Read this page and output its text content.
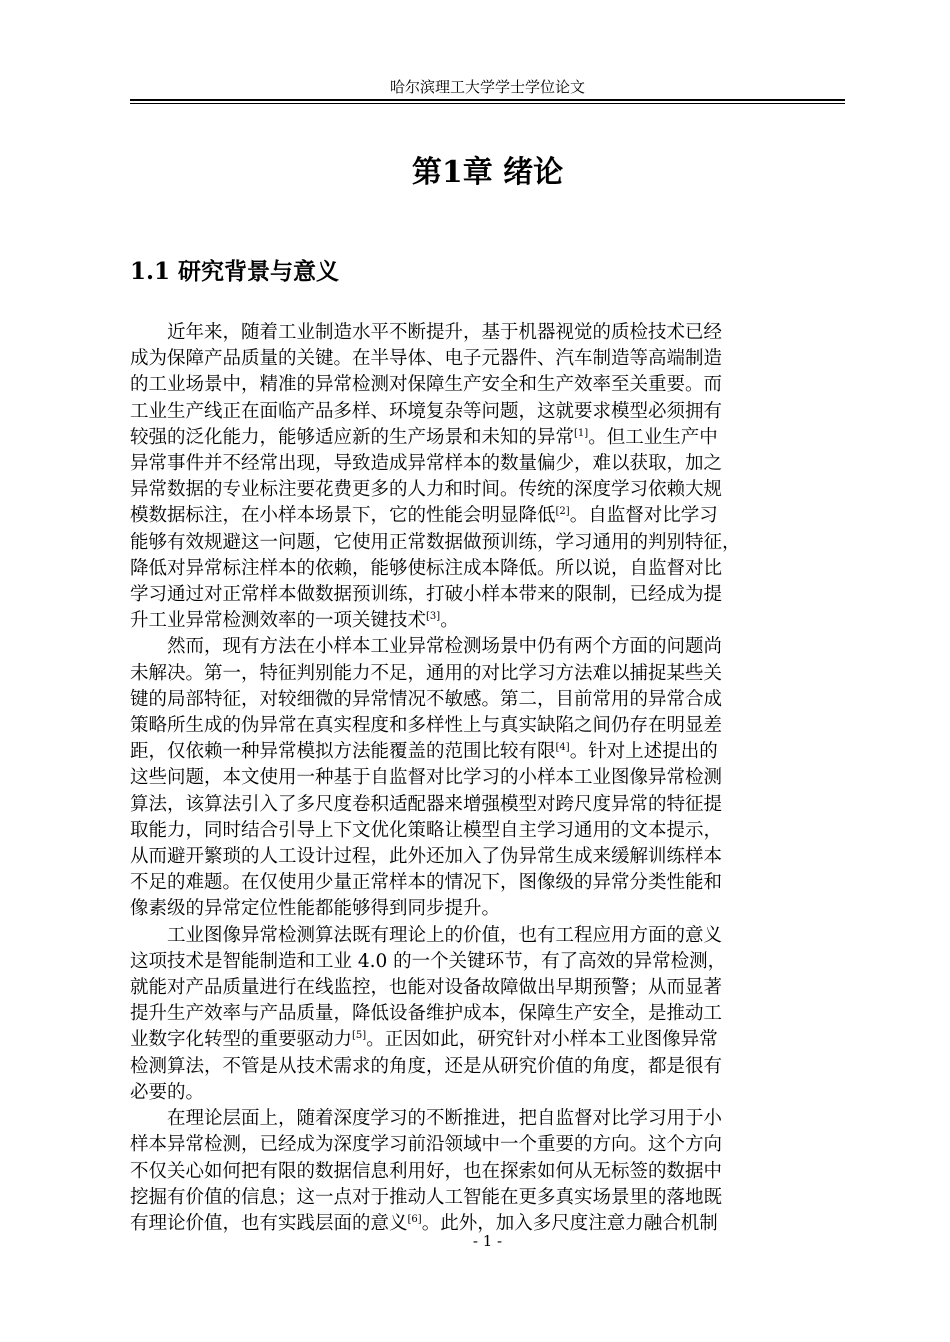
哈尔滨理工大学学士学位论文
第1章 绪论
1.1 研究背景与意义

　　近年来，随着工业制造水平不断提升，基于机器视觉的质检技术已经
成为保障产品质量的关键。在半导体、电子元器件、汽车制造等高端制造
的工业场景中，精准的异常检测对保障生产安全和生产效率至关重要。而
工业生产线正在面临产品多样、环境复杂等问题，这就要求模型必须拥有
较强的泛化能力，能够适应新的生产场景和未知的异常[1]。但工业生产中
异常事件并不经常出现，导致造成异常样本的数量偏少，难以获取，加之
异常数据的专业标注要花费更多的人力和时间。传统的深度学习依赖大规
模数据标注，在小样本场景下，它的性能会明显降低[2]。自监督对比学习
能够有效规避这一问题，它使用正常数据做预训练，学习通用的判别特征，
降低对异常标注样本的依赖，能够使标注成本降低。所以说，自监督对比
学习通过对正常样本做数据预训练，打破小样本带来的限制，已经成为提
升工业异常检测效率的一项关键技术[3]。

　　然而，现有方法在小样本工业异常检测场景中仍有两个方面的问题尚
未解决。第一，特征判别能力不足，通用的对比学习方法难以捕捉某些关
键的局部特征，对较细微的异常情况不敏感。第二，目前常用的异常合成
策略所生成的伪异常在真实程度和多样性上与真实缺陷之间仍存在明显差
距，仅依赖一种异常模拟方法能覆盖的范围比较有限[4]。针对上述提出的
这些问题，本文使用一种基于自监督对比学习的小样本工业图像异常检测
算法，该算法引入了多尺度卷积适配器来增强模型对跨尺度异常的特征提
取能力，同时结合引导上下文优化策略让模型自主学习通用的文本提示，
从而避开繁琐的人工设计过程，此外还加入了伪异常生成来缓解训练样本
不足的难题。在仅使用少量正常样本的情况下，图像级的异常分类性能和
像素级的异常定位性能都能够得到同步提升。

　　工业图像异常检测算法既有理论上的价值，也有工程应用方面的意义
这项技术是智能制造和工业 4.0 的一个关键环节，有了高效的异常检测，
就能对产品质量进行在线监控，也能对设备故障做出早期预警；从而显著
提升生产效率与产品质量，降低设备维护成本，保障生产安全，是推动工
业数字化转型的重要驱动力[5]。正因如此，研究针对小样本工业图像异常
检测算法，不管是从技术需求的角度，还是从研究价值的角度，都是很有
必要的。

　　在理论层面上，随着深度学习的不断推进，把自监督对比学习用于小
样本异常检测，已经成为深度学习前沿领域中一个重要的方向。这个方向
不仅关心如何把有限的数据信息利用好，也在探索如何从无标签的数据中
挖掘有价值的信息；这一点对于推动人工智能在更多真实场景里的落地既
有理论价值，也有实践层面的意义[6]。此外，加入多尺度注意力融合机制

- 1 -
